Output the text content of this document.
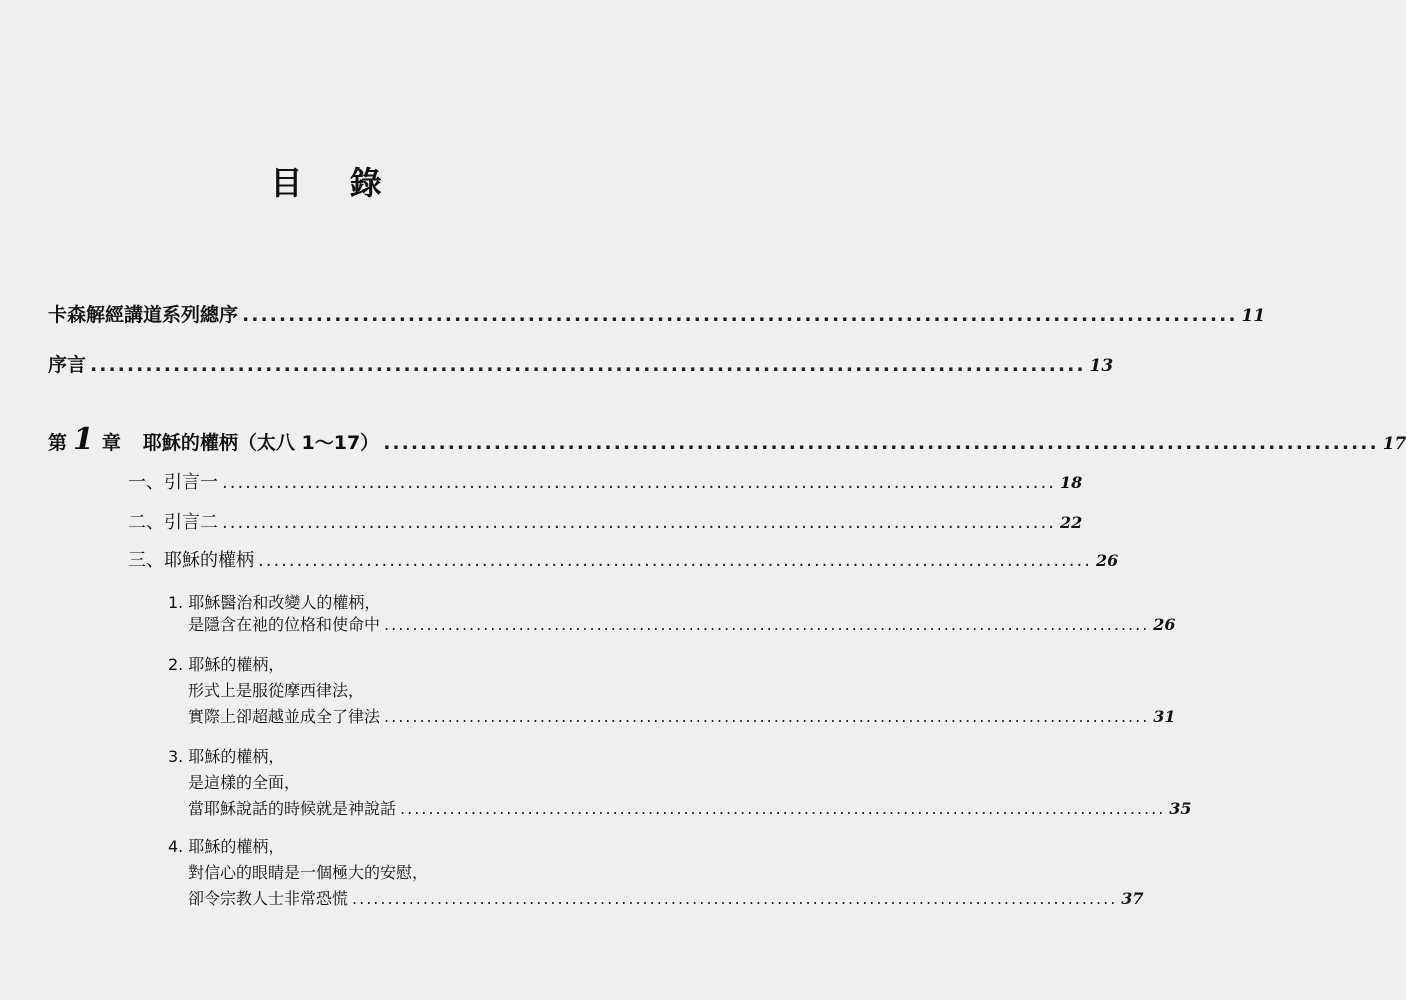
目 錄
卡森解經講道系列總序 ............................................................................................................ 11
序言 ............................................................................................................ 13
第 1 章 耶穌的權柄（太八 1～17） ............................................................................................................ 17
一、引言一 ............................................................................................................ 18
二、引言二 ............................................................................................................ 22
三、耶穌的權柄 ............................................................................................................ 26
1. 耶穌醫治和改變人的權柄，
是隱含在祂的位格和使命中 ............................................................................................................ 26
2. 耶穌的權柄，
形式上是服從摩西律法，
實際上卻超越並成全了律法 ............................................................................................................ 31
3. 耶穌的權柄，
是這樣的全面，
當耶穌說話的時候就是神說話 ............................................................................................................ 35
4. 耶穌的權柄，
對信心的眼睛是一個極大的安慰，
卻令宗教人士非常恐慌 ............................................................................................................ 37
